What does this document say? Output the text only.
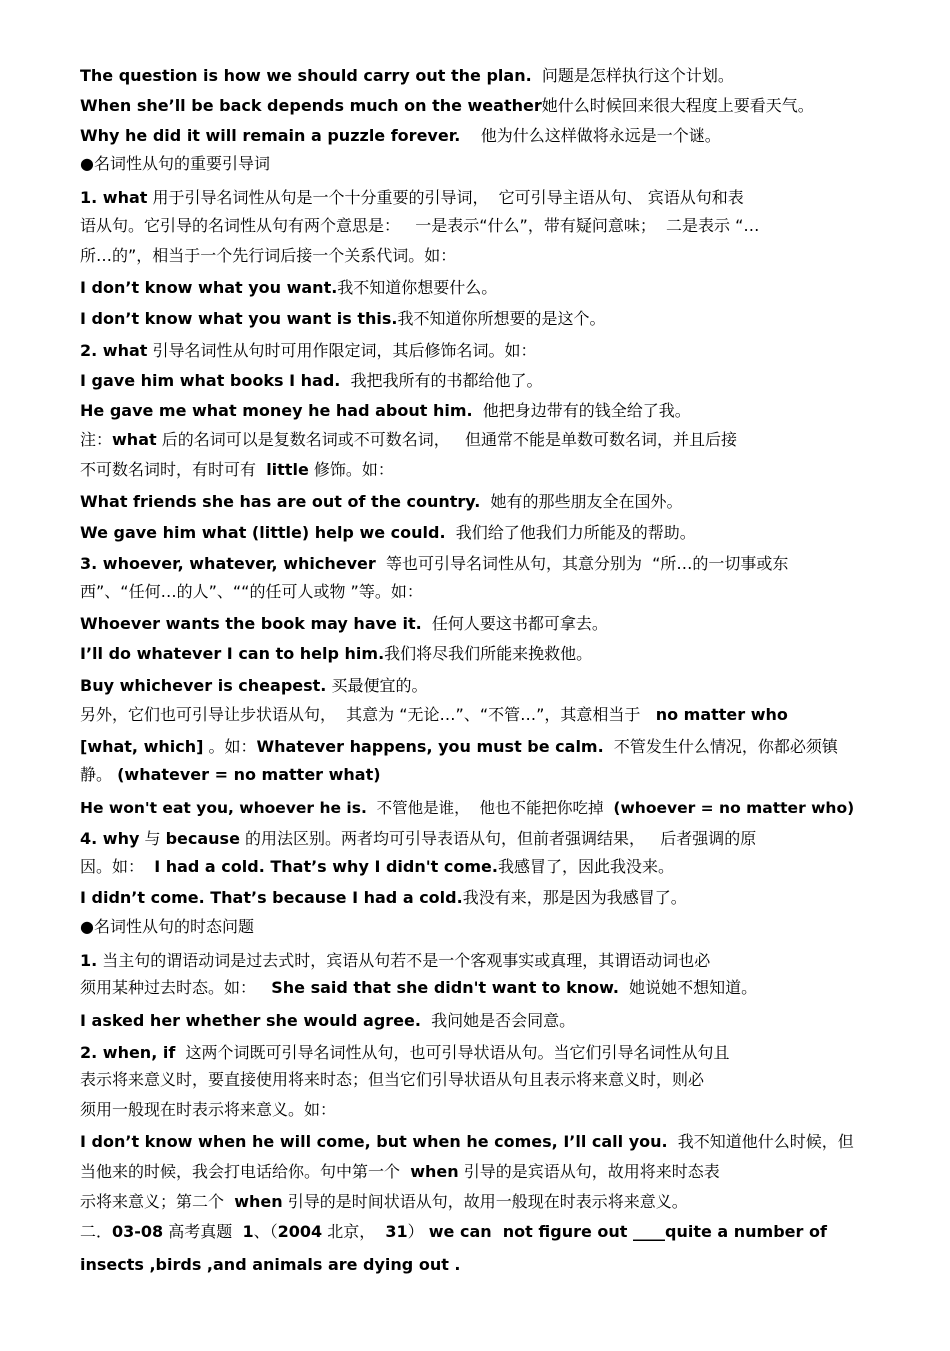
The question is how we should carry out the plan.  问题是怎样执行这个计划。
When she’ll be back depends much on the weather她什么时候回来很大程度上要看天气。
Why he did it will remain a puzzle forever.    他为什么这样做将永远是一个谜。
●名词性从句的重要引导词
1. what 用于引导名词性从句是一个十分重要的引导词，  它可引导主语从句、 宾语从句和表
语从句。它引导的名词性从句有两个意思是：   一是表示“什么”，带有疑问意味；  二是表示 “…
所…的”，相当于一个先行词后接一个关系代词。如：
I don’t know what you want.我不知道你想要什么。
I don’t know what you want is this.我不知道你所想要的是这个。
2. what 引导名词性从句时可用作限定词，其后修饰名词。如：
I gave him what books I had.  我把我所有的书都给他了。
He gave me what money he had about him.  他把身边带有的钱全给了我。
注：what 后的名词可以是复数名词或不可数名词，   但通常不能是单数可数名词，并且后接
不可数名词时，有时可有  little 修饰。如：
What friends she has are out of the country.  她有的那些朋友全在国外。
We gave him what (little) help we could.  我们给了他我们力所能及的帮助。
3. whoever, whatever, whichever  等也可引导名词性从句，其意分别为  “所…的一切事或东
西”、“任何…的人”、““的任可人或物 ”等。如：
Whoever wants the book may have it.  任何人要这书都可拿去。
I’ll do whatever I can to help him.我们将尽我们所能来挽救他。
Buy whichever is cheapest. 买最便宜的。
另外，它们也可引导让步状语从句，  其意为 “无论…”、“不管…”，其意相当于   no matter who
[what, which] 。如：Whatever happens, you must be calm.  不管发生什么情况，你都必须镇
静。 (whatever = no matter what)
He won't eat you, whoever he is.  不管他是谁，  他也不能把你吃掉  (whoever = no matter who)
4. why 与 because 的用法区别。两者均可引导表语从句，但前者强调结果，   后者强调的原
因。如：  I had a cold. That’s why I didn't come.我感冒了，因此我没来。
I didn’t come. That’s because I had a cold.我没有来，那是因为我感冒了。
●名词性从句的时态问题
1. 当主句的谓语动词是过去式时，宾语从句若不是一个客观事实或真理，其谓语动词也必
须用某种过去时态。如：   She said that she didn't want to know.  她说她不想知道。
I asked her whether she would agree.  我问她是否会同意。
2. when, if  这两个词既可引导名词性从句，也可引导状语从句。当它们引导名词性从句且
表示将来意义时，要直接使用将来时态；但当它们引导状语从句且表示将来意义时，则必
须用一般现在时表示将来意义。如：
I don’t know when he will come, but when he comes, I’ll call you.  我不知道他什么时候，但
当他来的时候，我会打电话给你。句中第一个  when 引导的是宾语从句，故用将来时态表
示将来意义；第二个  when 引导的是时间状语从句，故用一般现在时表示将来意义。
二．03-08 高考真题  1、（2004 北京，  31） we can  not figure out ____quite a number of
insects ,birds ,and animals are dying out .
